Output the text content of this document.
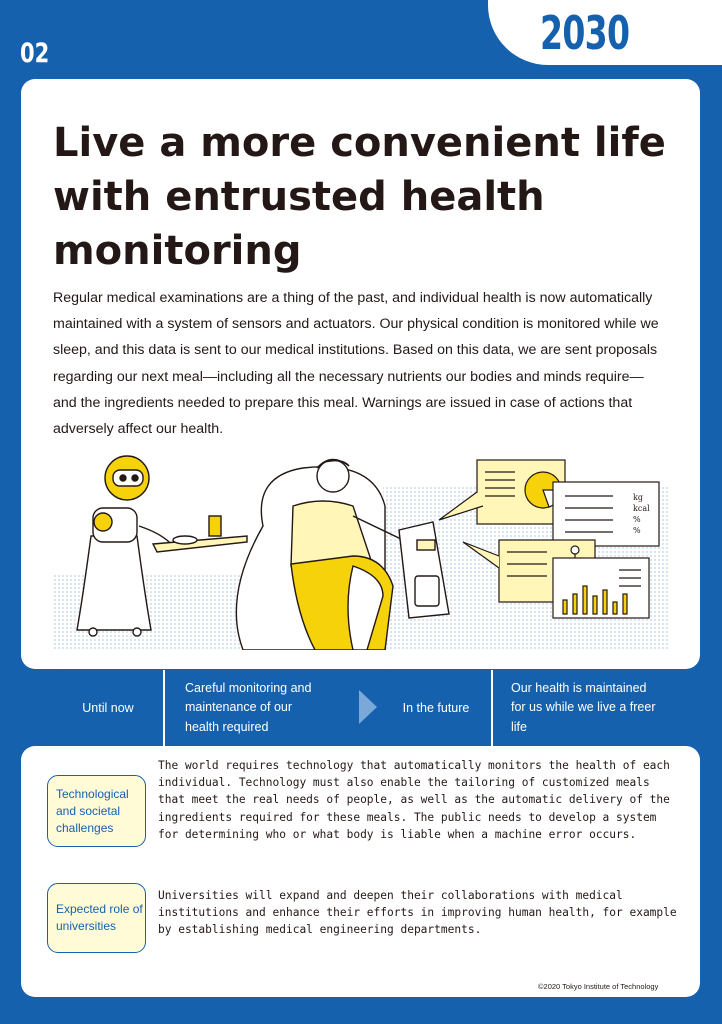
2030
02
Live a more convenient life with entrusted health monitoring

Regular medical examinations are a thing of the past, and individual health is now automatically maintained with a system of sensors and actuators. Our physical condition is monitored while we sleep, and this data is sent to our medical institutions. Based on this data, we are sent proposals regarding our next meal—including all the necessary nutrients our bodies and minds require—and the ingredients needed to prepare this meal. Warnings are issued in case of actions that adversely affect our health.

kg
kcal
%
%
Until now
Careful monitoring and maintenance of our health required
In the future
Our health is maintained for us while we live a freer life
Technological and societal challenges

The world requires technology that automatically monitors the health of each individual. Technology must also enable the tailoring of customized meals that meet the real needs of people, as well as the automatic delivery of the ingredients required for these meals. The public needs to develop a system for determining who or what body is liable when a machine error occurs.

Expected role of universities

Universities will expand and deepen their collaborations with medical institutions and enhance their efforts in improving human health, for example by establishing medical engineering departments.

©2020 Tokyo Institute of Technology
